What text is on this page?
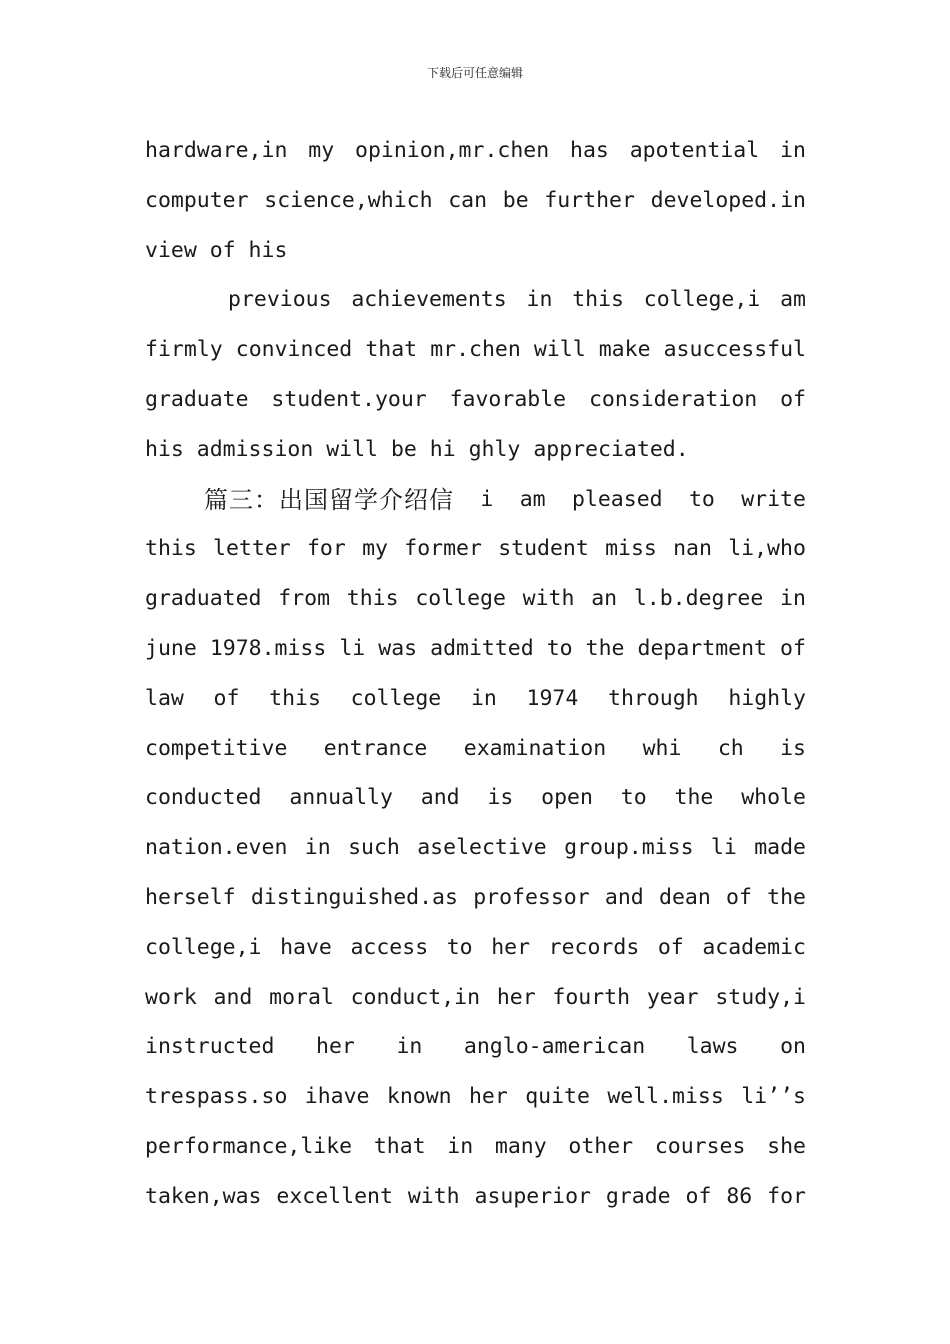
下载后可任意编辑
hardware,in my opinion,mr.chen has apotential in
computer science,which can be further developed.in
view of his
previous achievements in this college,i am
firmly convinced that mr.chen will make asuccessful
graduate student.your favorable consideration of
his admission will be hi ghly appreciated.
篇三：出国留学介绍信 i am pleased to write
this letter for my former student miss nan li,who
graduated from this college with an l.b.degree in
june 1978.miss li was admitted to the department of
law of this college in 1974 through highly
competitive entrance examination whi ch is
conducted annually and is open to the whole
nation.even in such aselective group.miss li made
herself distinguished.as professor and dean of the
college,i have access to her records of academic
work and moral conduct,in her fourth year study,i
instructed her in anglo-american laws on
trespass.so ihave known her quite well.miss li’’s
performance,like that in many other courses she
taken,was excellent with asuperior grade of 86 for
